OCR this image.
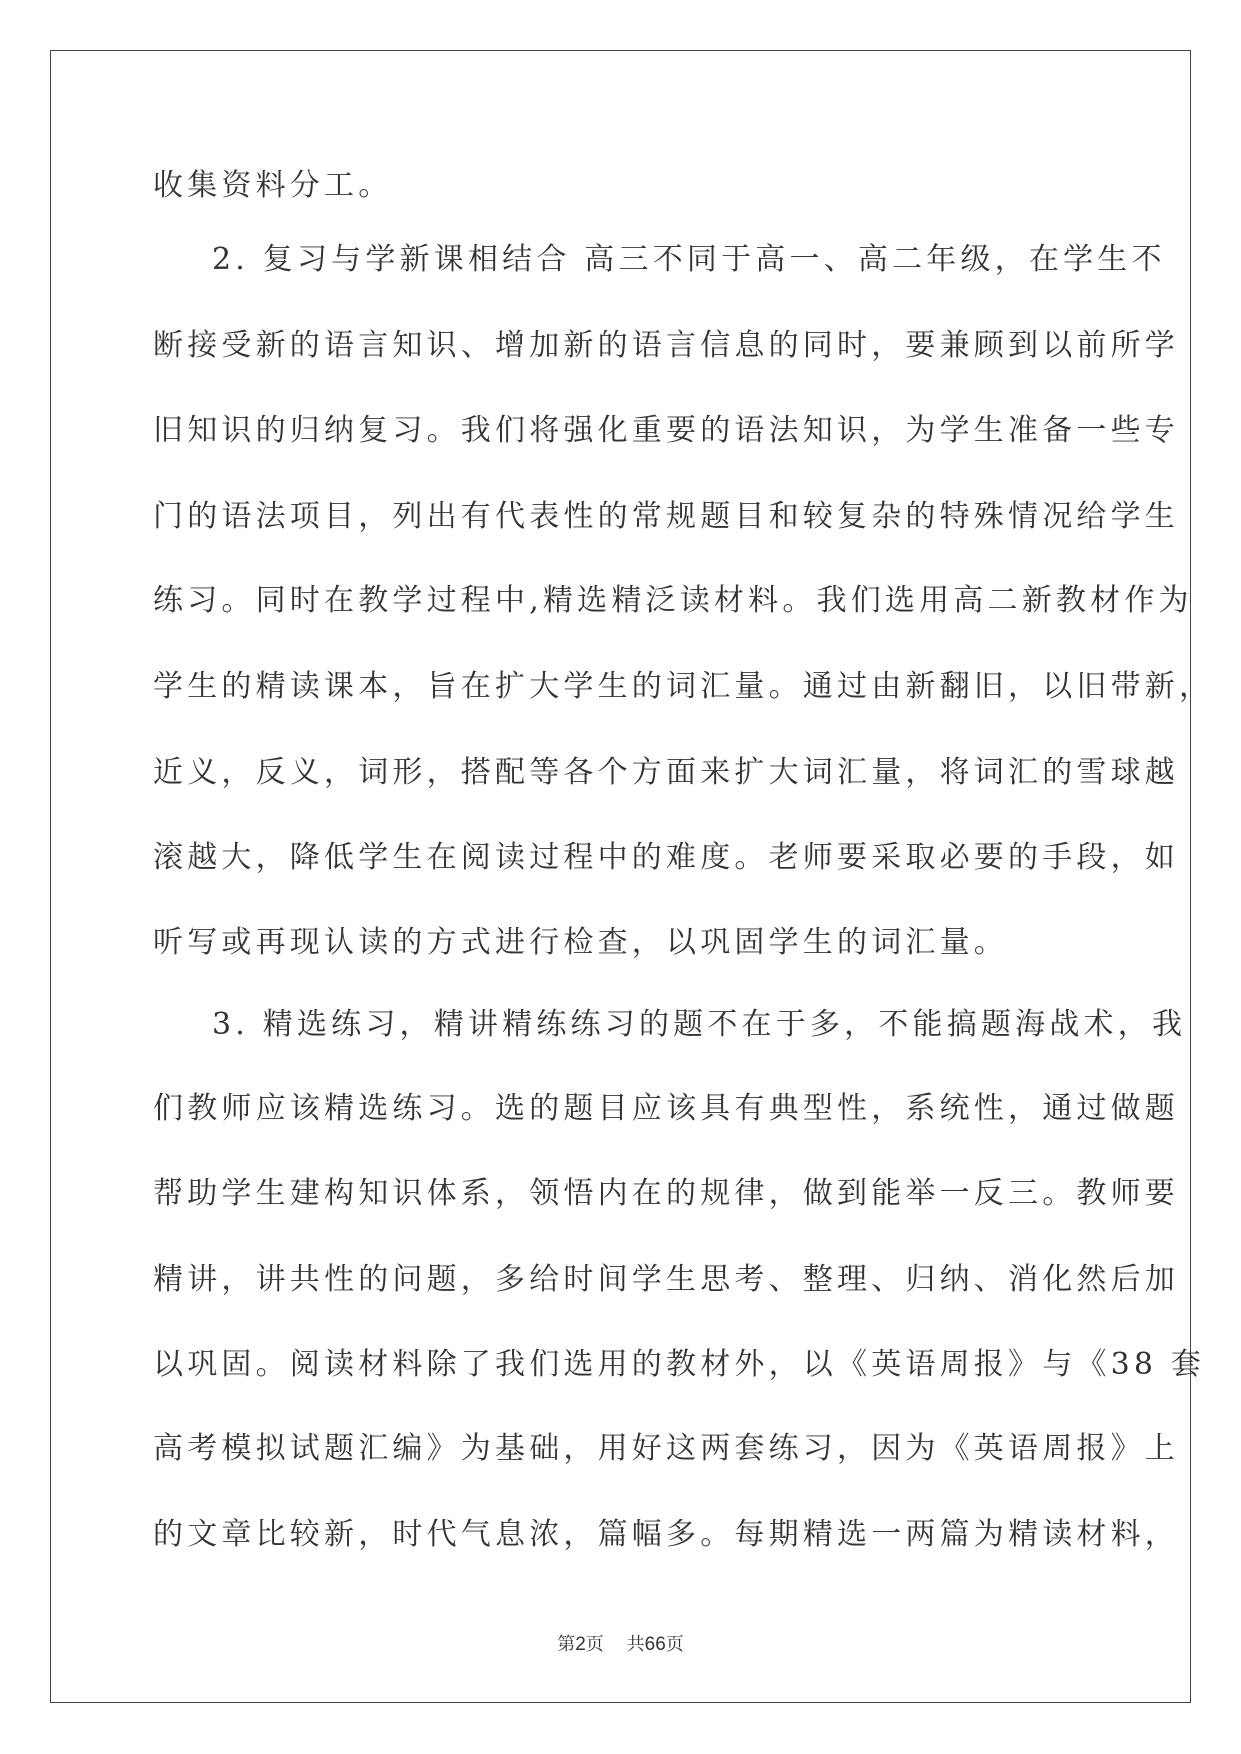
收集资料分工。
2. 复习与学新课相结合 高三不同于高一、高二年级，在学生不
断接受新的语言知识、增加新的语言信息的同时，要兼顾到以前所学
旧知识的归纳复习。我们将强化重要的语法知识，为学生准备一些专
门的语法项目，列出有代表性的常规题目和较复杂的特殊情况给学生
练习。同时在教学过程中,精选精泛读材料。我们选用高二新教材作为
学生的精读课本，旨在扩大学生的词汇量。通过由新翻旧，以旧带新，
近义，反义，词形，搭配等各个方面来扩大词汇量，将词汇的雪球越
滚越大，降低学生在阅读过程中的难度。老师要采取必要的手段，如
听写或再现认读的方式进行检查，以巩固学生的词汇量。
3. 精选练习，精讲精练练习的题不在于多，不能搞题海战术，我
们教师应该精选练习。选的题目应该具有典型性，系统性，通过做题
帮助学生建构知识体系，领悟内在的规律，做到能举一反三。教师要
精讲，讲共性的问题，多给时间学生思考、整理、归纳、消化然后加
以巩固。阅读材料除了我们选用的教材外，以《英语周报》与《38 套
高考模拟试题汇编》为基础，用好这两套练习，因为《英语周报》上
的文章比较新，时代气息浓，篇幅多。每期精选一两篇为精读材料，
第2页 共66页
